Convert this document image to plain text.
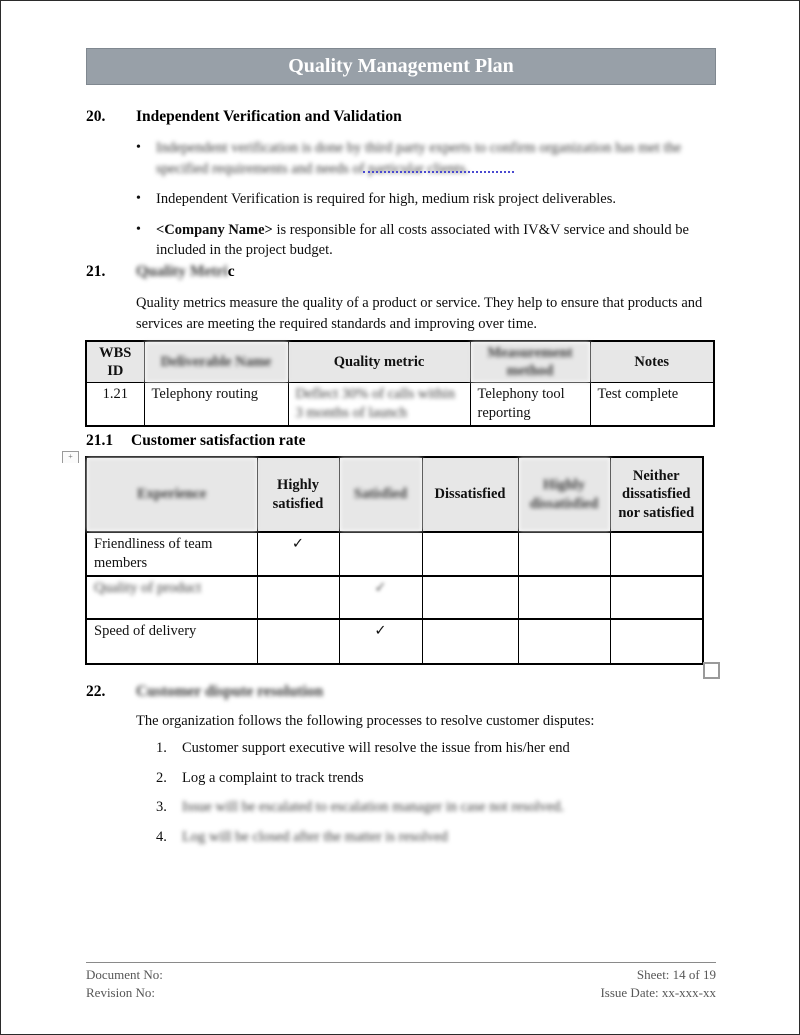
Quality Management Plan
20.	Independent Verification and Validation
•	Independent verification is done by third party experts to confirm organization has met the specified requirements and needs of particular clients.
•	Independent Verification is required for high, medium risk project deliverables.
•	<Company Name> is responsible for all costs associated with IV&V service and should be included in the project budget.
21.	Quality Metric
Quality metrics measure the quality of a product or service. They help to ensure that products and services are meeting the required standards and improving over time.
WBS ID	Deliverable Name	Quality metric	Measurement method	Notes
1.21	Telephony routing	Deflect 30% of calls within 3 months of launch	Telephony tool reporting	Test complete
21.1	Customer satisfaction rate
+
Experience	Highly satisfied	Satisfied	Dissatisfied	Highly dissatisfied	Neither dissatisfied nor satisfied
Friendliness of team members	✓				
Quality of product		✓			
Speed of delivery		✓			
22.	Customer dispute resolution
The organization follows the following processes to resolve customer disputes:
1.	Customer support executive will resolve the issue from his/her end
2.	Log a complaint to track trends
3.	Issue will be escalated to escalation manager in case not resolved.
4.	Log will be closed after the matter is resolved
Document No:
Revision No:
Sheet: 14 of 19
Issue Date: xx-xxx-xx
